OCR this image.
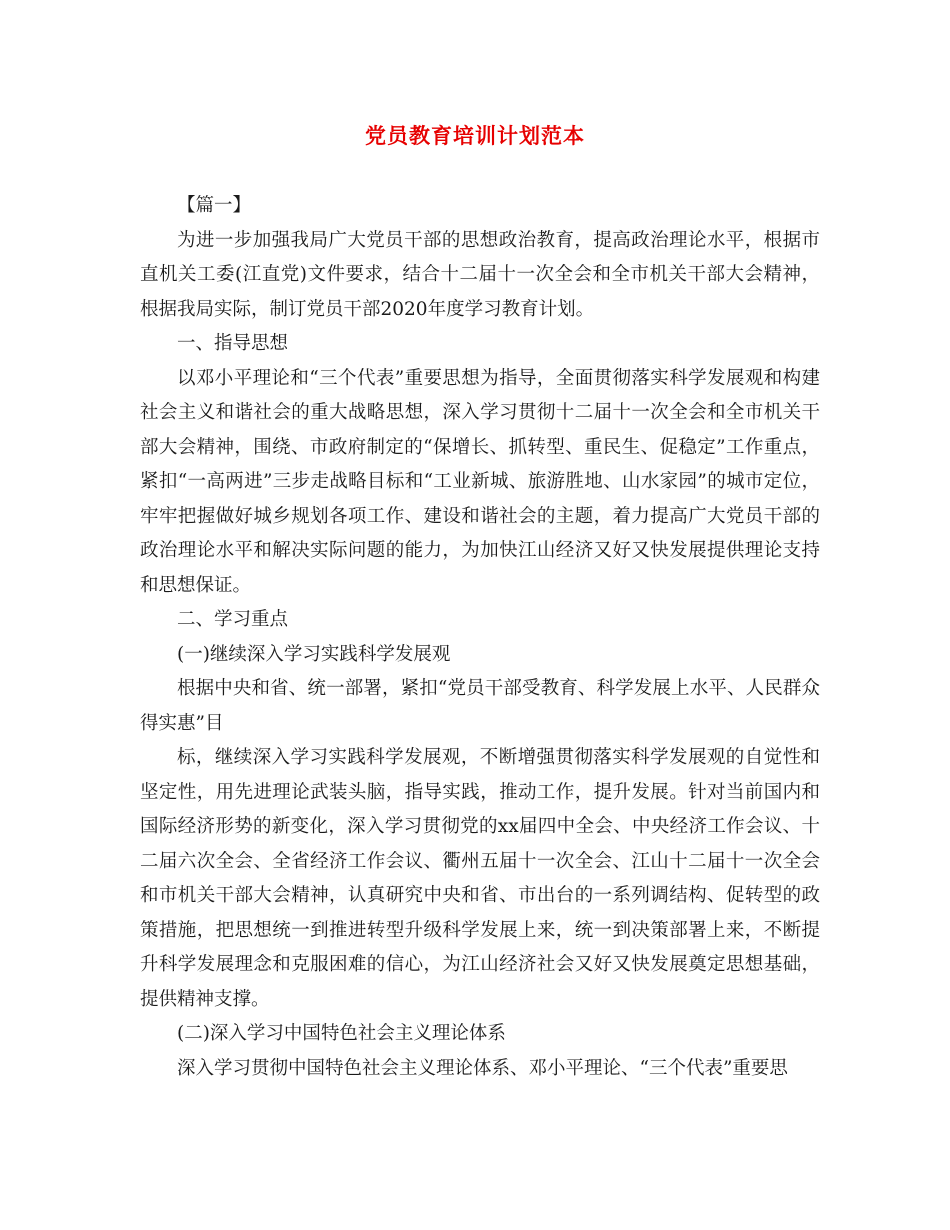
党员教育培训计划范本

【篇一】

为进一步加强我局广大党员干部的思想政治教育，提高政治理论水平，根据市直机关工委(江直党)文件要求，结合十二届十一次全会和全市机关干部大会精神，根据我局实际，制订党员干部2020年度学习教育计划。

一、指导思想

以邓小平理论和“三个代表”重要思想为指导，全面贯彻落实科学发展观和构建社会主义和谐社会的重大战略思想，深入学习贯彻十二届十一次全会和全市机关干部大会精神，围绕、市政府制定的“保增长、抓转型、重民生、促稳定”工作重点，紧扣“一高两进”三步走战略目标和“工业新城、旅游胜地、山水家园”的城市定位，牢牢把握做好城乡规划各项工作、建设和谐社会的主题，着力提高广大党员干部的政治理论水平和解决实际问题的能力，为加快江山经济又好又快发展提供理论支持和思想保证。

二、学习重点

(一)继续深入学习实践科学发展观

根据中央和省、统一部署，紧扣“党员干部受教育、科学发展上水平、人民群众得实惠”目

标，继续深入学习实践科学发展观，不断增强贯彻落实科学发展观的自觉性和坚定性，用先进理论武装头脑，指导实践，推动工作，提升发展。针对当前国内和国际经济形势的新变化，深入学习贯彻党的xx届四中全会、中央经济工作会议、十二届六次全会、全省经济工作会议、衢州五届十一次全会、江山十二届十一次全会和市机关干部大会精神，认真研究中央和省、市出台的一系列调结构、促转型的政策措施，把思想统一到推进转型升级科学发展上来，统一到决策部署上来，不断提升科学发展理念和克服困难的信心，为江山经济社会又好又快发展奠定思想基础，提供精神支撑。

(二)深入学习中国特色社会主义理论体系

深入学习贯彻中国特色社会主义理论体系、邓小平理论、“三个代表”重要思
